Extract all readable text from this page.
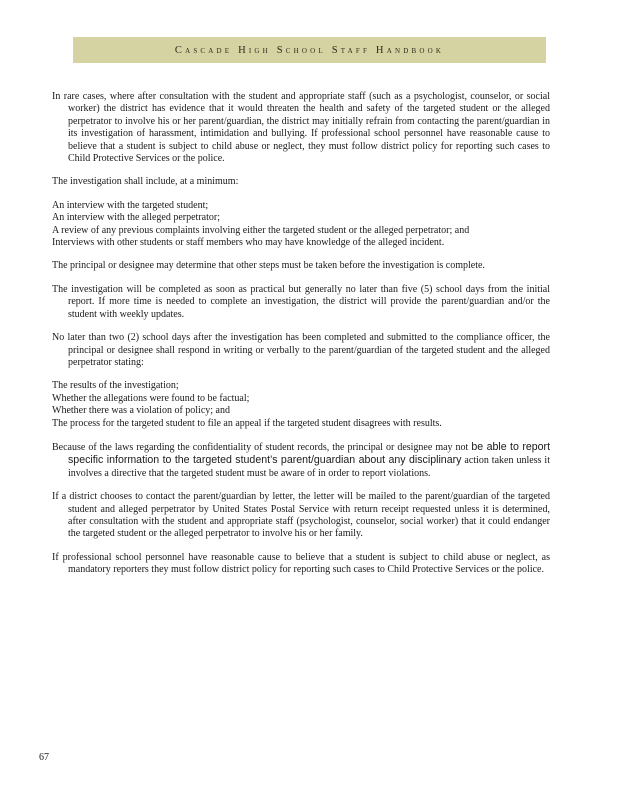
Cascade High School Staff Handbook

In rare cases, where after consultation with the student and appropriate staff (such as a psychologist, counselor, or social worker) the district has evidence that it would threaten the health and safety of the targeted student or the alleged perpetrator to involve his or her parent/guardian, the district may initially refrain from contacting the parent/guardian in its investigation of harassment, intimidation and bullying. If professional school personnel have reasonable cause to believe that a student is subject to child abuse or neglect, they must follow district policy for reporting such cases to Child Protective Services or the police.

The investigation shall include, at a minimum:

An interview with the targeted student;

An interview with the alleged perpetrator;

A review of any previous complaints involving either the targeted student or the alleged perpetrator; and

Interviews with other students or staff members who may have knowledge of the alleged incident.

The principal or designee may determine that other steps must be taken before the investigation is complete.

The investigation will be completed as soon as practical but generally no later than five (5) school days from the initial report. If more time is needed to complete an investigation, the district will provide the parent/guardian and/or the student with weekly updates.

No later than two (2) school days after the investigation has been completed and submitted to the compliance officer, the principal or designee shall respond in writing or verbally to the parent/guardian of the targeted student and the alleged perpetrator stating:

The results of the investigation;

Whether the allegations were found to be factual;

Whether there was a violation of policy; and

The process for the targeted student to file an appeal if the targeted student disagrees with results.

Because of the laws regarding the confidentiality of student records, the principal or designee may not be able to report specific information to the targeted student’s parent/guardian about any disciplinary action taken unless it involves a directive that the targeted student must be aware of in order to report violations.

If a district chooses to contact the parent/guardian by letter, the letter will be mailed to the parent/guardian of the targeted student and alleged perpetrator by United States Postal Service with return receipt requested unless it is determined, after consultation with the student and appropriate staff (psychologist, counselor, social worker) that it could endanger the targeted student or the alleged perpetrator to involve his or her family.

If professional school personnel have reasonable cause to believe that a student is subject to child abuse or neglect, as mandatory reporters they must follow district policy for reporting such cases to Child Protective Services or the police.

67
